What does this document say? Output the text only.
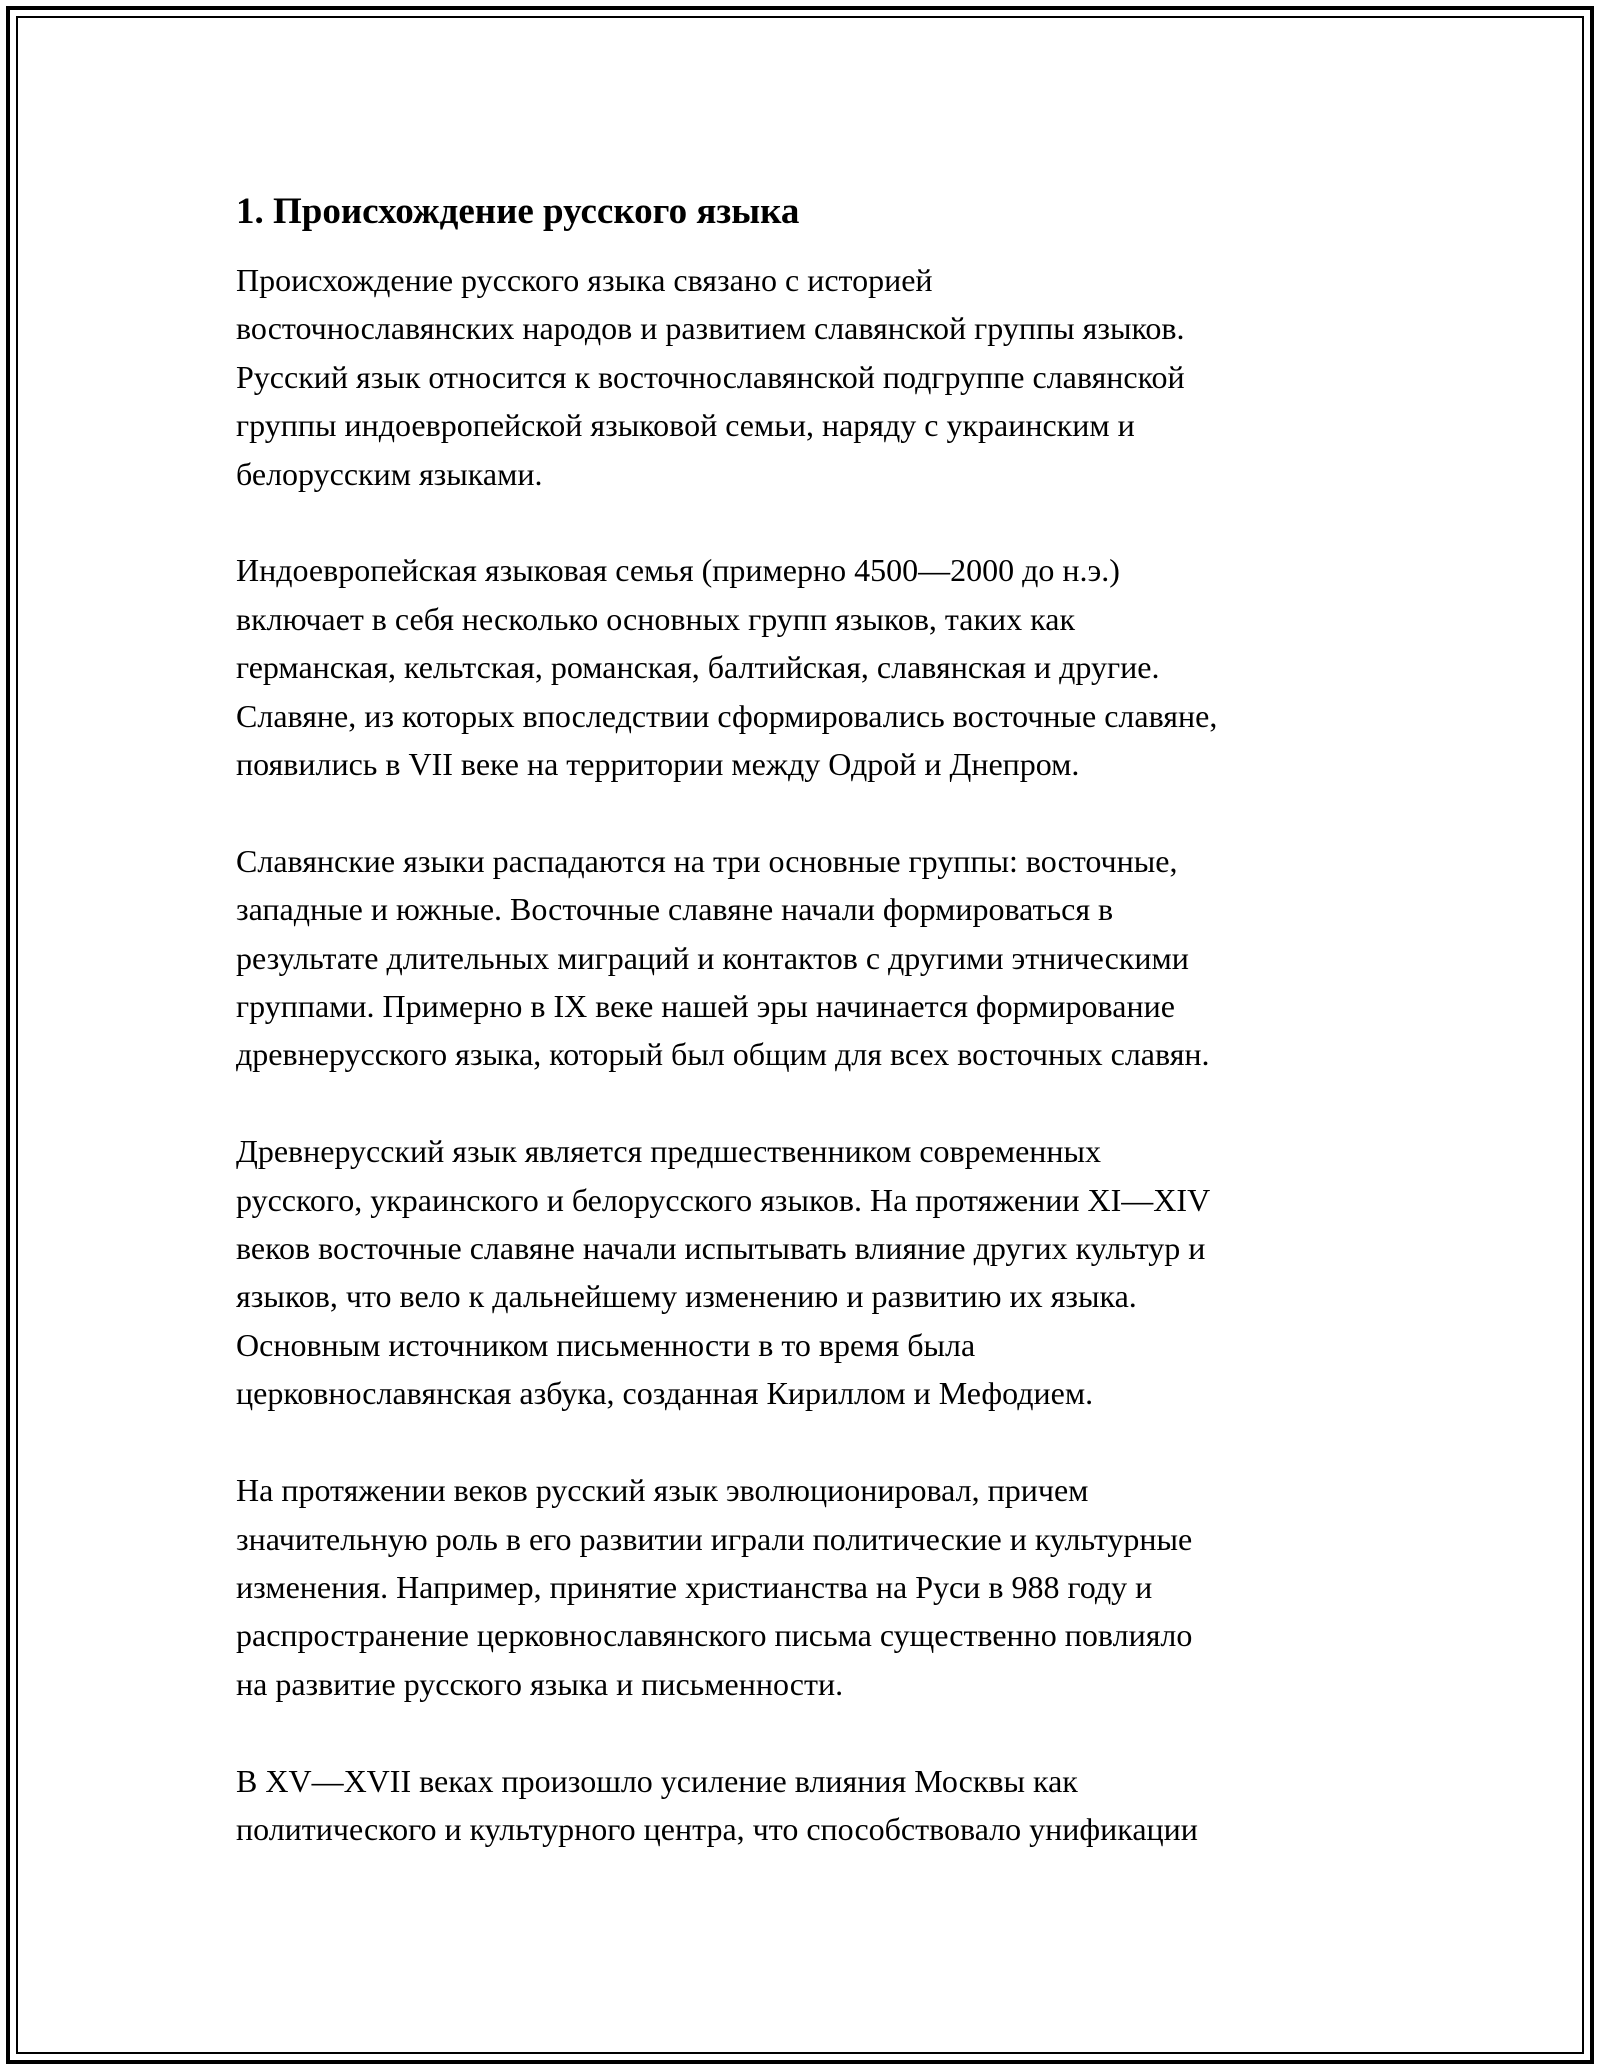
1. Происхождение русского языка

Происхождение русского языка связано с историей
восточнославянских народов и развитием славянской группы языков.
Русский язык относится к восточнославянской подгруппе славянской
группы индоевропейской языковой семьи, наряду с украинским и
белорусским языками.

Индоевропейская языковая семья (примерно 4500—2000 до н.э.)
включает в себя несколько основных групп языков, таких как
германская, кельтская, романская, балтийская, славянская и другие.
Славяне, из которых впоследствии сформировались восточные славяне,
появились в VII веке на территории между Одрой и Днепром.

Славянские языки распадаются на три основные группы: восточные,
западные и южные. Восточные славяне начали формироваться в
результате длительных миграций и контактов с другими этническими
группами. Примерно в IX веке нашей эры начинается формирование
древнерусского языка, который был общим для всех восточных славян.

Древнерусский язык является предшественником современных
русского, украинского и белорусского языков. На протяжении XI—XIV
веков восточные славяне начали испытывать влияние других культур и
языков, что вело к дальнейшему изменению и развитию их языка.
Основным источником письменности в то время была
церковнославянская азбука, созданная Кириллом и Мефодием.

На протяжении веков русский язык эволюционировал, причем
значительную роль в его развитии играли политические и культурные
изменения. Например, принятие христианства на Руси в 988 году и
распространение церковнославянского письма существенно повлияло
на развитие русского языка и письменности.

В XV—XVII веках произошло усиление влияния Москвы как
политического и культурного центра, что способствовало унификации
